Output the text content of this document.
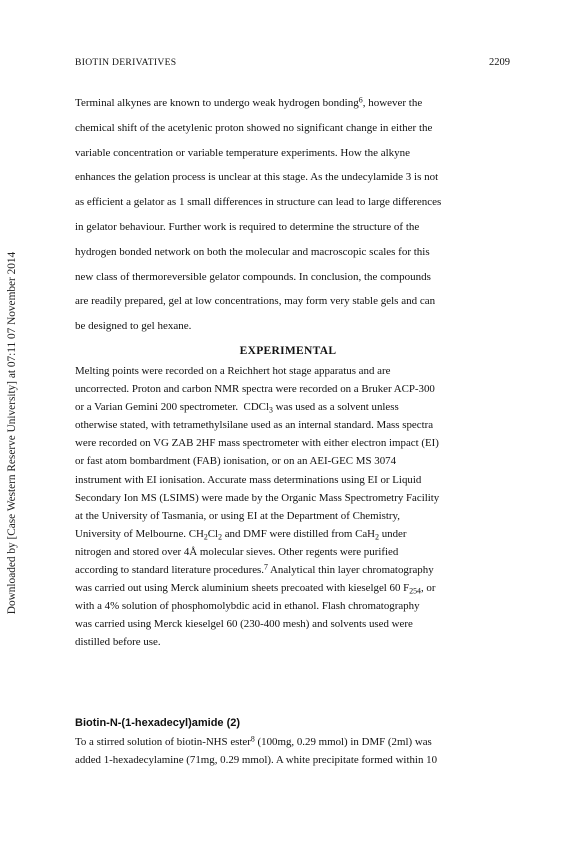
Downloaded by [Case Western Reserve University] at 07:11 07 November 2014
BIOTIN DERIVATIVES	2209

Terminal alkynes are known to undergo weak hydrogen bonding$^6$, however the
chemical shift of the acetylenic proton showed no significant change in either the
variable concentration or variable temperature experiments. How the alkyne
enhances the gelation process is unclear at this stage. As the undecylamide 3 is not
as efficient a gelator as 1 small differences in structure can lead to large differences
in gelator behaviour. Further work is required to determine the structure of the
hydrogen bonded network on both the molecular and macroscopic scales for this
new class of thermoreversible gelator compounds. In conclusion, the compounds
are readily prepared, gel at low concentrations, may form very stable gels and can
be designed to gel hexane.

EXPERIMENTAL

Melting points were recorded on a Reichhert hot stage apparatus and are
uncorrected. Proton and carbon NMR spectra were recorded on a Bruker ACP-300
or a Varian Gemini 200 spectrometer.  CDCl$_3$ was used as a solvent unless
otherwise stated, with tetramethylsilane used as an internal standard. Mass spectra
were recorded on VG ZAB 2HF mass spectrometer with either electron impact (EI)
or fast atom bombardment (FAB) ionisation, or on an AEI-GEC MS 3074
instrument with EI ionisation. Accurate mass determinations using EI or Liquid
Secondary Ion MS (LSIMS) were made by the Organic Mass Spectrometry Facility
at the University of Tasmania, or using EI at the Department of Chemistry,
University of Melbourne. $CH_2Cl_2$ and DMF were distilled from CaH$_2$ under
nitrogen and stored over 4Å molecular sieves. Other regents were purified
according to standard literature procedures.$^7$ Analytical thin layer chromatography
was carried out using Merck aluminium sheets precoated with kieselgel 60 $F_{254}$, or
with a 4% solution of phosphomolybdic acid in ethanol. Flash chromatography
was carried using Merck kieselgel 60 (230-400 mesh) and solvents used were
distilled before use.

Biotin-N-(1-hexadecyl)amide (2)

To a stirred solution of biotin-NHS ester$^8$ (100mg, 0.29 mmol) in DMF (2ml) was
added 1-hexadecylamine (71mg, 0.29 mmol). A white precipitate formed within 10
